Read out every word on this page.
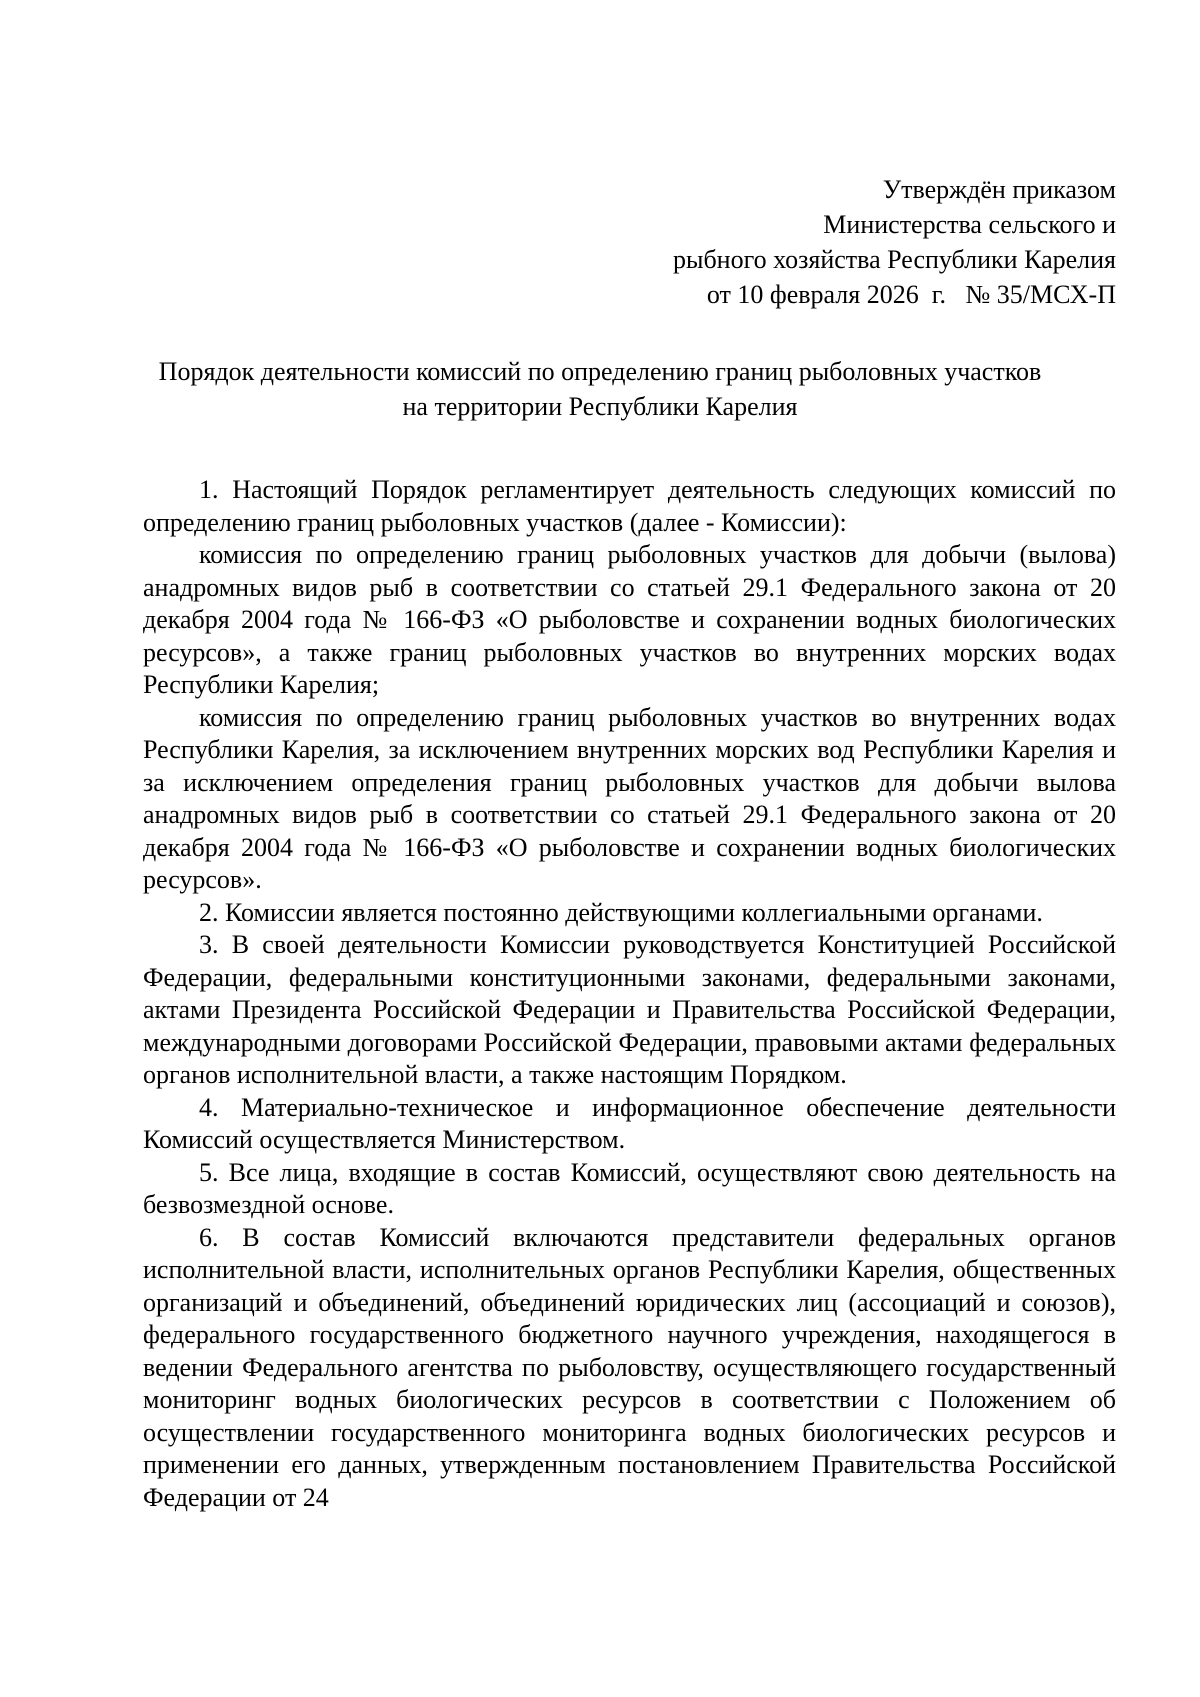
Утверждён приказом
Министерства сельского и
рыбного хозяйства Республики Карелия
от 10 февраля 2026  г.   № 35/МСХ-П
Порядок деятельности комиссий по определению границ рыболовных участков
на территории Республики Карелия

1. Настоящий Порядок регламентирует деятельность следующих комиссий по определению границ рыболовных участков (далее - Комиссии):

комиссия по определению границ рыболовных участков для добычи (вылова) анадромных видов рыб в соответствии со статьей 29.1 Федерального закона от 20 декабря 2004 года № 166-ФЗ «О рыболовстве и сохранении водных биологических ресурсов», а также границ рыболовных участков во внутренних морских водах Республики Карелия;

комиссия по определению границ рыболовных участков во внутренних водах Республики Карелия, за исключением внутренних морских вод Республики Карелия и за исключением определения границ рыболовных участков для добычи вылова анадромных видов рыб в соответствии со статьей 29.1 Федерального закона от 20 декабря 2004 года № 166-ФЗ «О рыболовстве и сохранении водных биологических ресурсов».

2. Комиссии является постоянно действующими коллегиальными органами.

3. В своей деятельности Комиссии руководствуется Конституцией Российской Федерации, федеральными конституционными законами, федеральными законами, актами Президента Российской Федерации и Правительства Российской Федерации, международными договорами Российской Федерации, правовыми актами федеральных органов исполнительной власти, а также настоящим Порядком.

4. Материально-техническое и информационное обеспечение деятельности Комиссий осуществляется Министерством.

5. Все лица, входящие в состав Комиссий, осуществляют свою деятельность на безвозмездной основе.

6. В состав Комиссий включаются представители федеральных органов исполнительной власти, исполнительных органов Республики Карелия, общественных организаций и объединений, объединений юридических лиц (ассоциаций и союзов), федерального государственного бюджетного научного учреждения, находящегося в ведении Федерального агентства по рыболовству, осуществляющего государственный мониторинг водных биологических ресурсов в соответствии с Положением об осуществлении государственного мониторинга водных биологических ресурсов и применении его данных, утвержденным постановлением Правительства Российской Федерации от 24
